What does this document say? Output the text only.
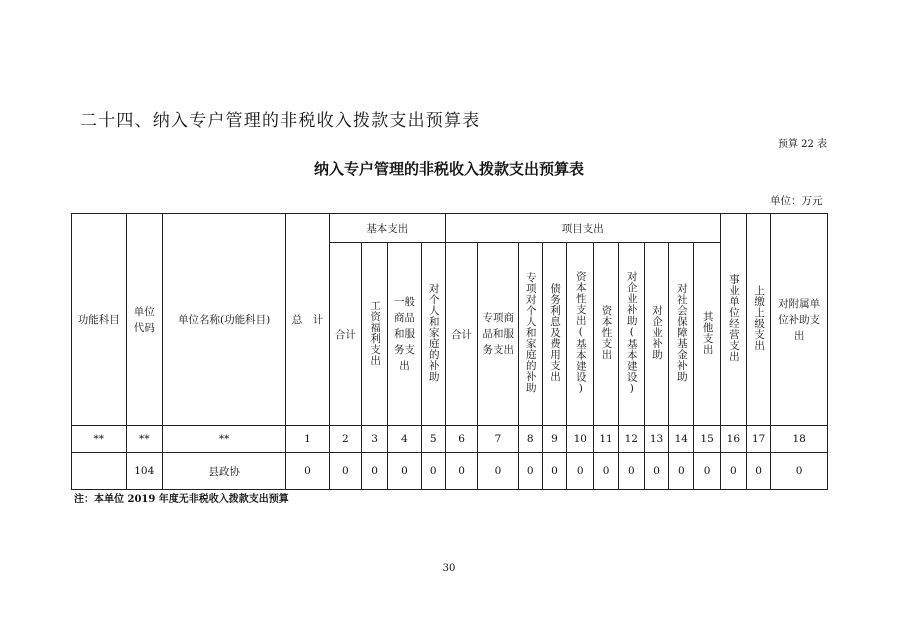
二十四、纳入专户管理的非税收入拨款支出预算表
预算 22 表
纳入专户管理的非税收入拨款支出预算表
单位：万元
功能科目	单位代码	单位名称(功能科目)	总　计	基本支出				项目支出										事业单位经营支出	上缴上级支出	对附属单位补助支出
				合计	工资福利支出	一般商品和服务支出	对个人和家庭的补助	合计	专项商品和服务支出	专项对个人和家庭的补助	债务利息及费用支出	资本性支出(基本建设)	资本性支出	对企业补助(基本建设)	对企业补助	对社会保障基金补助	其他支出			
**	**	**	1	2	3	4	5	6	7	8	9	10	11	12	13	14	15	16	17	18
	104	县政协	0	0	0	0	0	0	0	0	0	0	0	0	0	0	0	0	0	0
注：本单位 2019 年度无非税收入拨款支出预算
30
